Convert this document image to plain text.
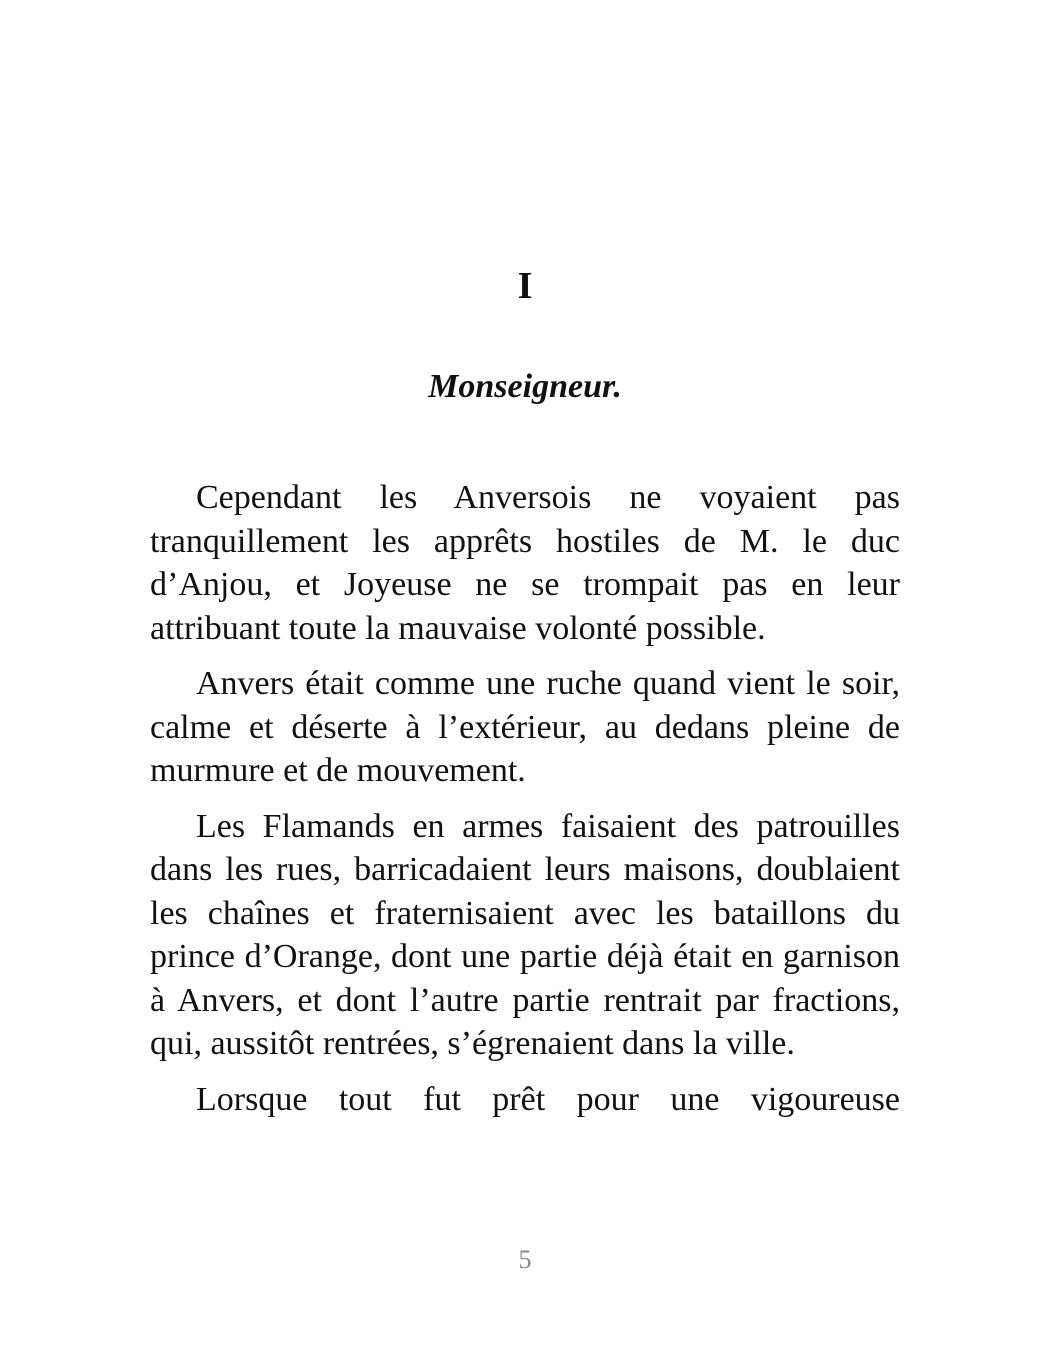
I
Monseigneur.

Cependant les Anversois ne voyaient pas tranquillement les apprêts hostiles de M. le duc d’Anjou, et Joyeuse ne se trompait pas en leur attribuant toute la mauvaise volonté possible.

Anvers était comme une ruche quand vient le soir, calme et déserte à l’extérieur, au dedans pleine de murmure et de mouvement.

Les Flamands en armes faisaient des patrouilles dans les rues, barricadaient leurs maisons, doublaient les chaînes et fraternisaient avec les bataillons du prince d’Orange, dont une partie déjà était en garnison à Anvers, et dont l’autre partie rentrait par fractions, qui, aussitôt rentrées, s’égrenaient dans la ville.

Lorsque tout fut prêt pour une vigoureuse

5
